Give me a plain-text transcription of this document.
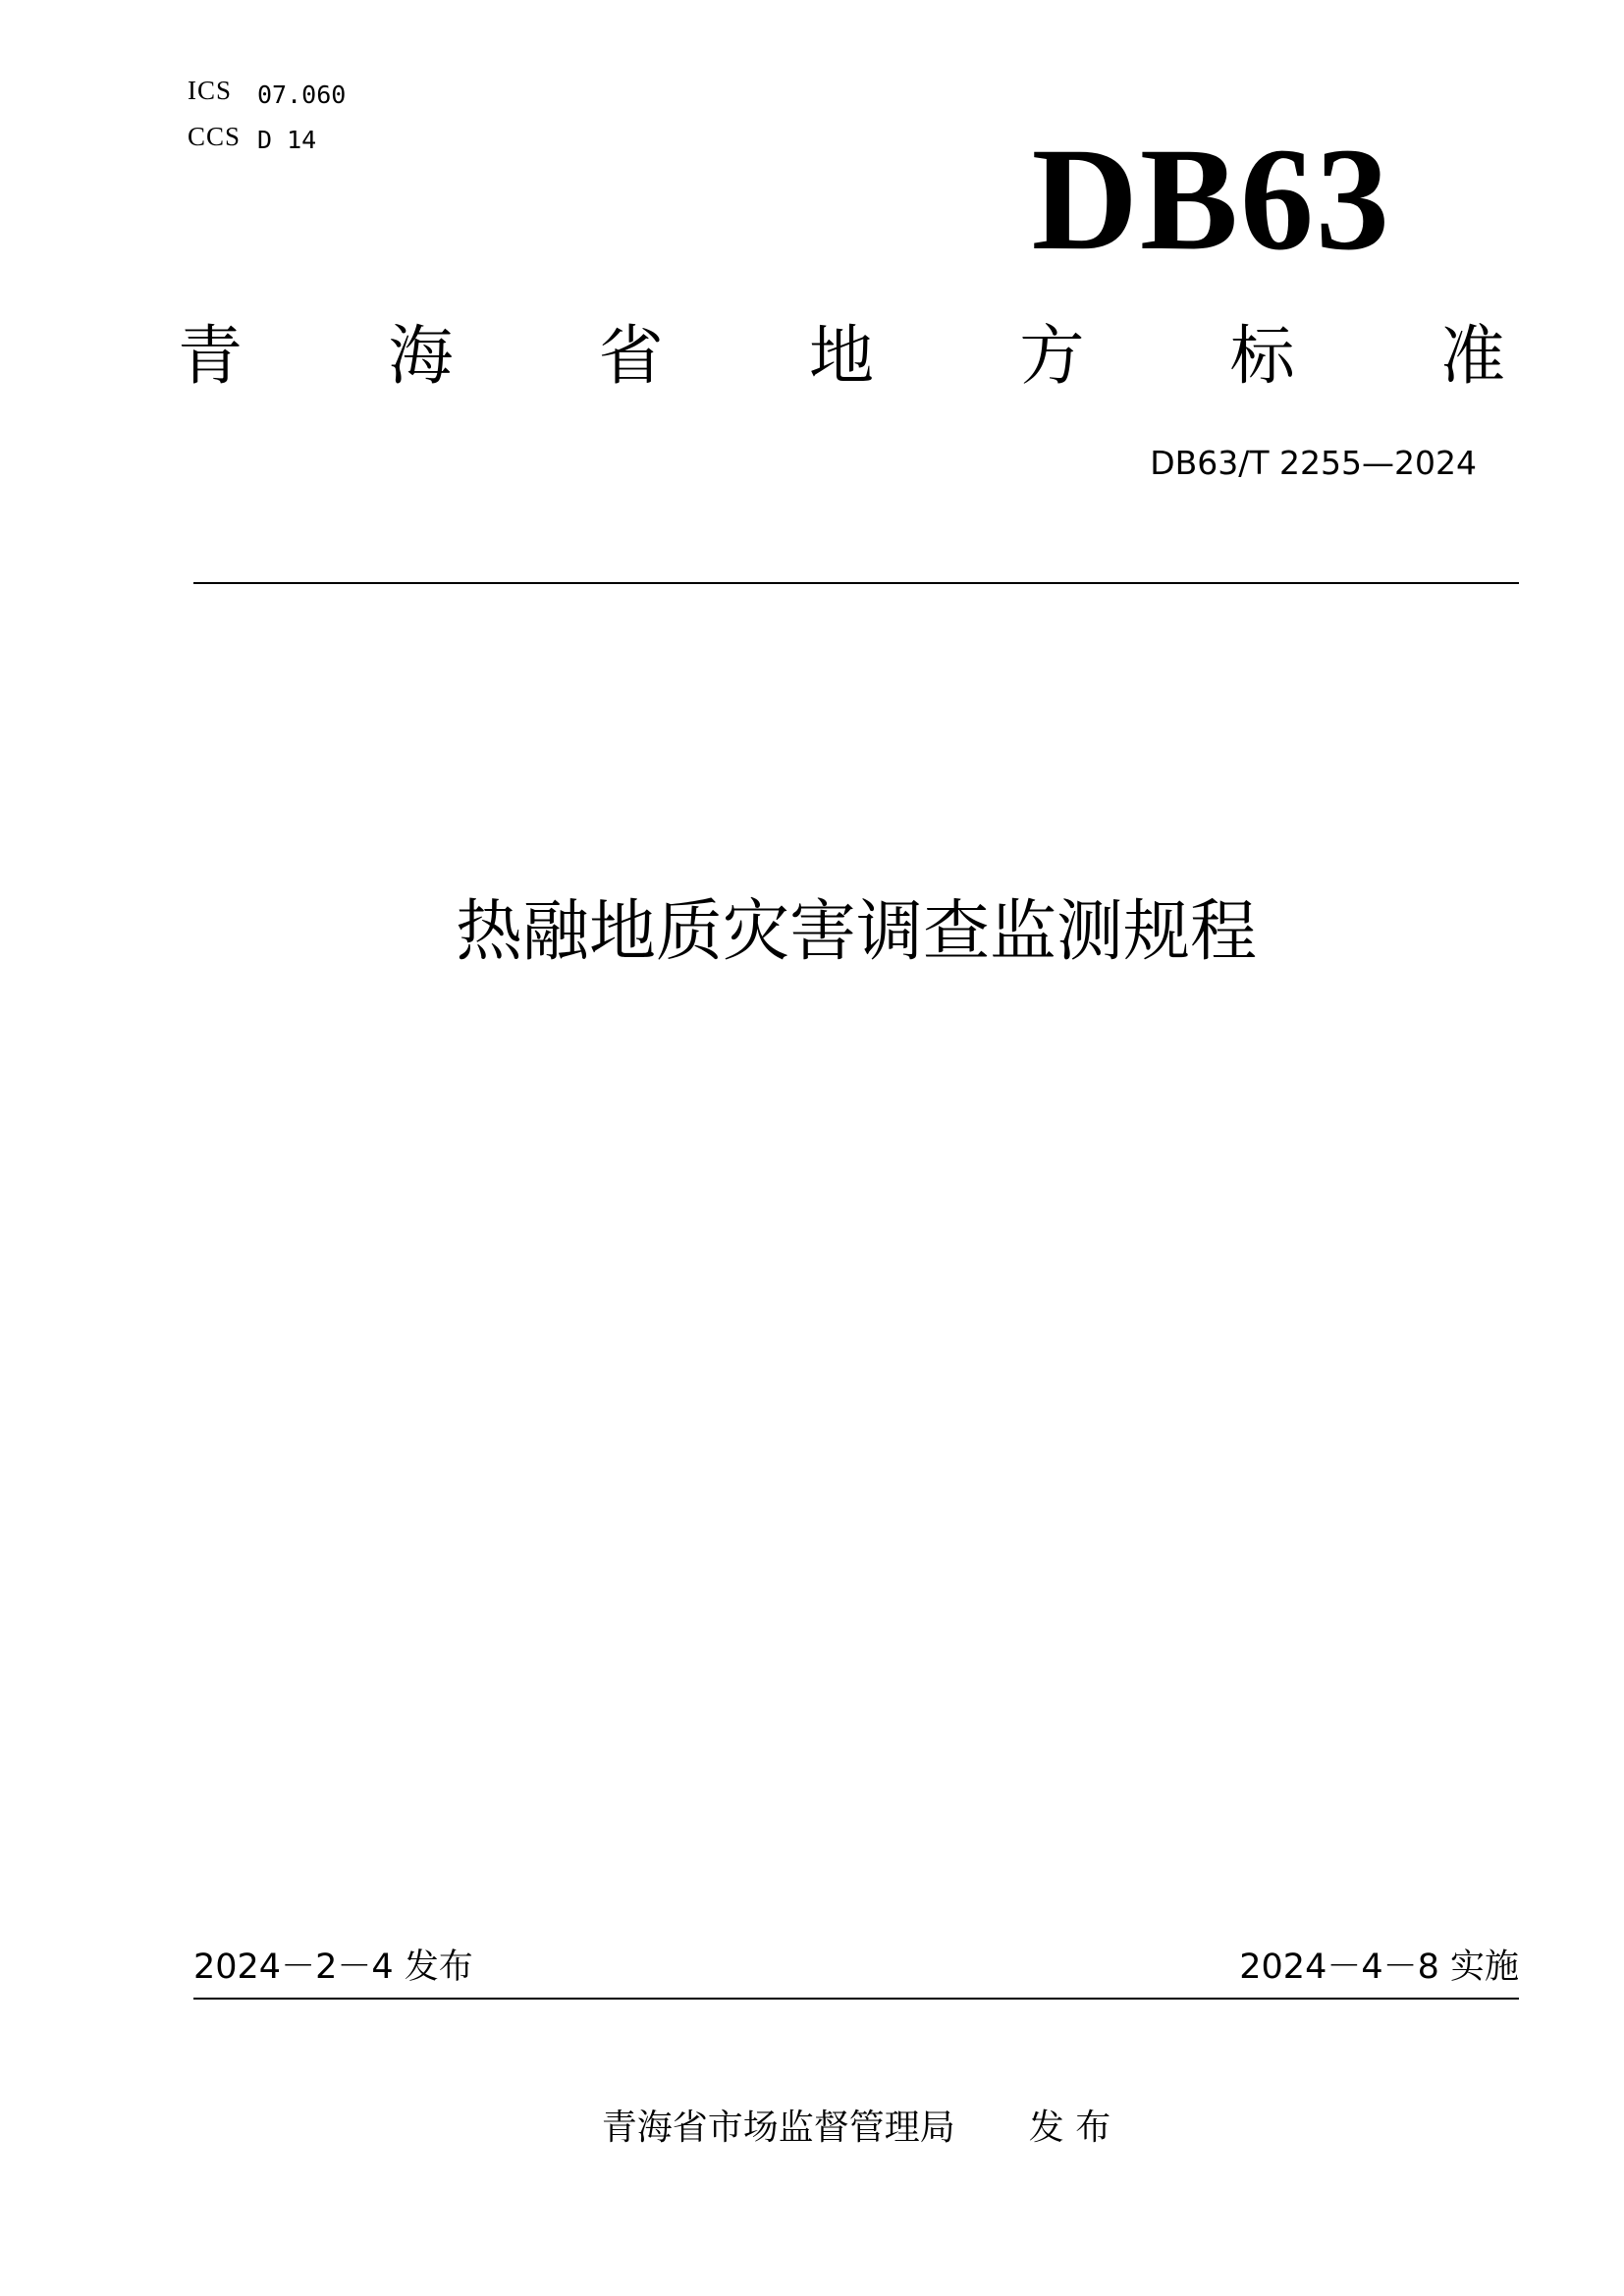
ICS 07.060
CCS D 14	DB63
青 海 省 地 方 标 准
DB63/T 2255—2024
热融地质灾害调查监测规程
2024－2－4 发布	2024－4－8 实施
青海省市场监督管理局 发 布
